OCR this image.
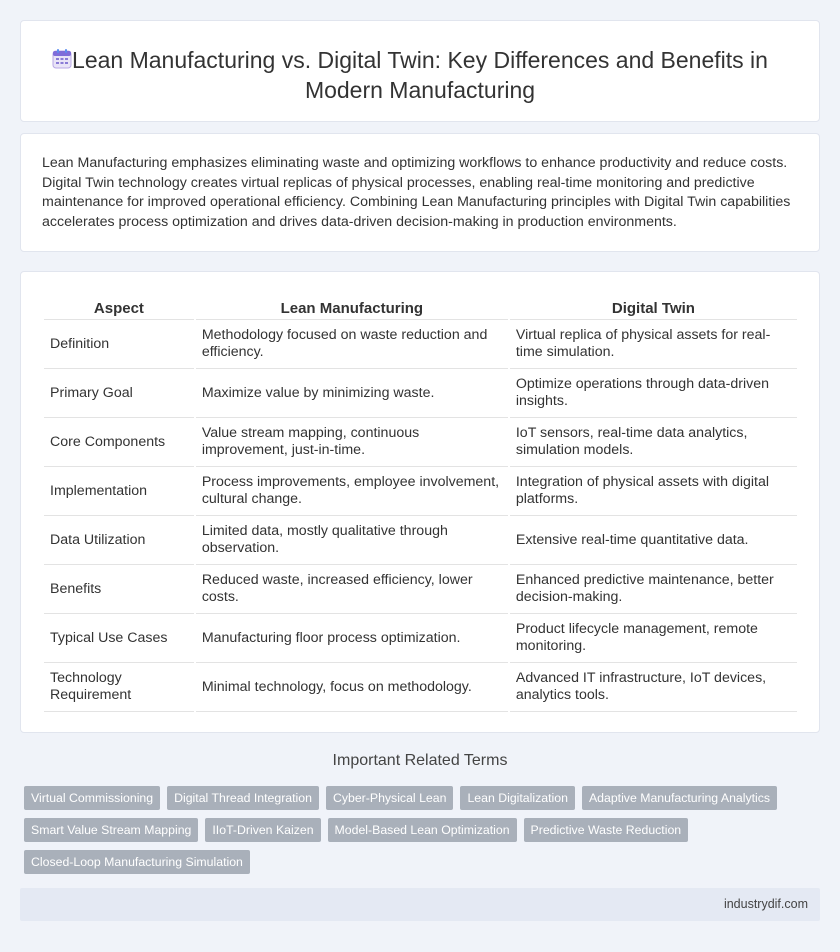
Lean Manufacturing vs. Digital Twin: Key Differences and Benefits in Modern Manufacturing

Lean Manufacturing emphasizes eliminating waste and optimizing workflows to enhance productivity and reduce costs. Digital Twin technology creates virtual replicas of physical processes, enabling real-time monitoring and predictive maintenance for improved operational efficiency. Combining Lean Manufacturing principles with Digital Twin capabilities accelerates process optimization and drives data-driven decision-making in production environments.

Aspect	Lean Manufacturing	Digital Twin
Definition	Methodology focused on waste reduction and efficiency.	Virtual replica of physical assets for real-time simulation.
Primary Goal	Maximize value by minimizing waste.	Optimize operations through data-driven insights.
Core Components	Value stream mapping, continuous improvement, just-in-time.	IoT sensors, real-time data analytics, simulation models.
Implementation	Process improvements, employee involvement, cultural change.	Integration of physical assets with digital platforms.
Data Utilization	Limited data, mostly qualitative through observation.	Extensive real-time quantitative data.
Benefits	Reduced waste, increased efficiency, lower costs.	Enhanced predictive maintenance, better decision-making.
Typical Use Cases	Manufacturing floor process optimization.	Product lifecycle management, remote monitoring.
Technology Requirement	Minimal technology, focus on methodology.	Advanced IT infrastructure, IoT devices, analytics tools.
Important Related Terms
Virtual Commissioning	Digital Thread Integration	Cyber-Physical Lean	Lean Digitalization	Adaptive Manufacturing Analytics
Smart Value Stream Mapping	IIoT-Driven Kaizen	Model-Based Lean Optimization	Predictive Waste Reduction
Closed-Loop Manufacturing Simulation
industrydif.com
